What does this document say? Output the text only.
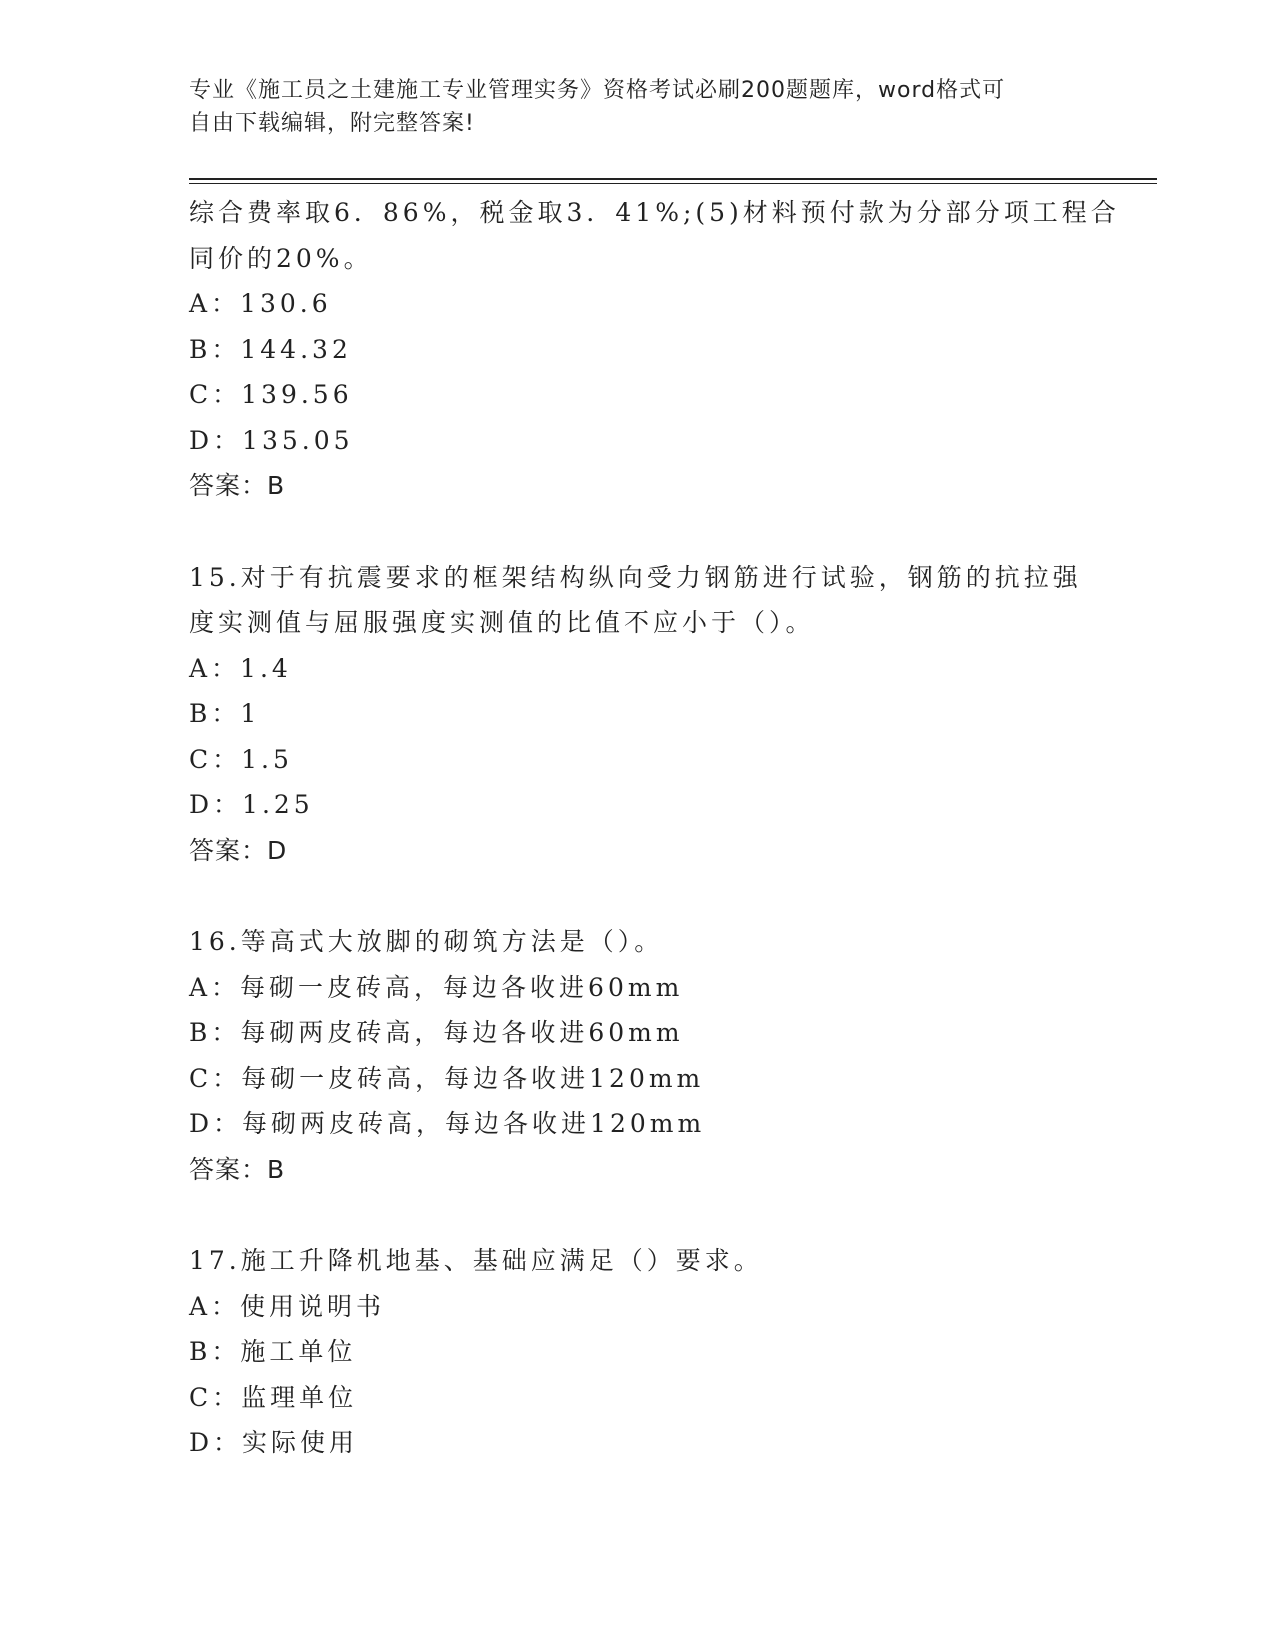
专业《施工员之土建施工专业管理实务》资格考试必刷200题题库，word格式可
自由下载编辑，附完整答案!
综合费率取6．86%，税金取3．41%;(5)材料预付款为分部分项工程合
同价的20%。
A：130.6
B：144.32
C：139.56
D：135.05
答案：B
15.对于有抗震要求的框架结构纵向受力钢筋进行试验，钢筋的抗拉强
度实测值与屈服强度实测值的比值不应小于（）。
A：1.4
B：1
C：1.5
D：1.25
答案：D
16.等高式大放脚的砌筑方法是（）。
A：每砌一皮砖高，每边各收进60mm
B：每砌两皮砖高，每边各收进60mm
C：每砌一皮砖高，每边各收进120mm
D：每砌两皮砖高，每边各收进120mm
答案：B
17.施工升降机地基、基础应满足（）要求。
A：使用说明书
B：施工单位
C：监理单位
D：实际使用
